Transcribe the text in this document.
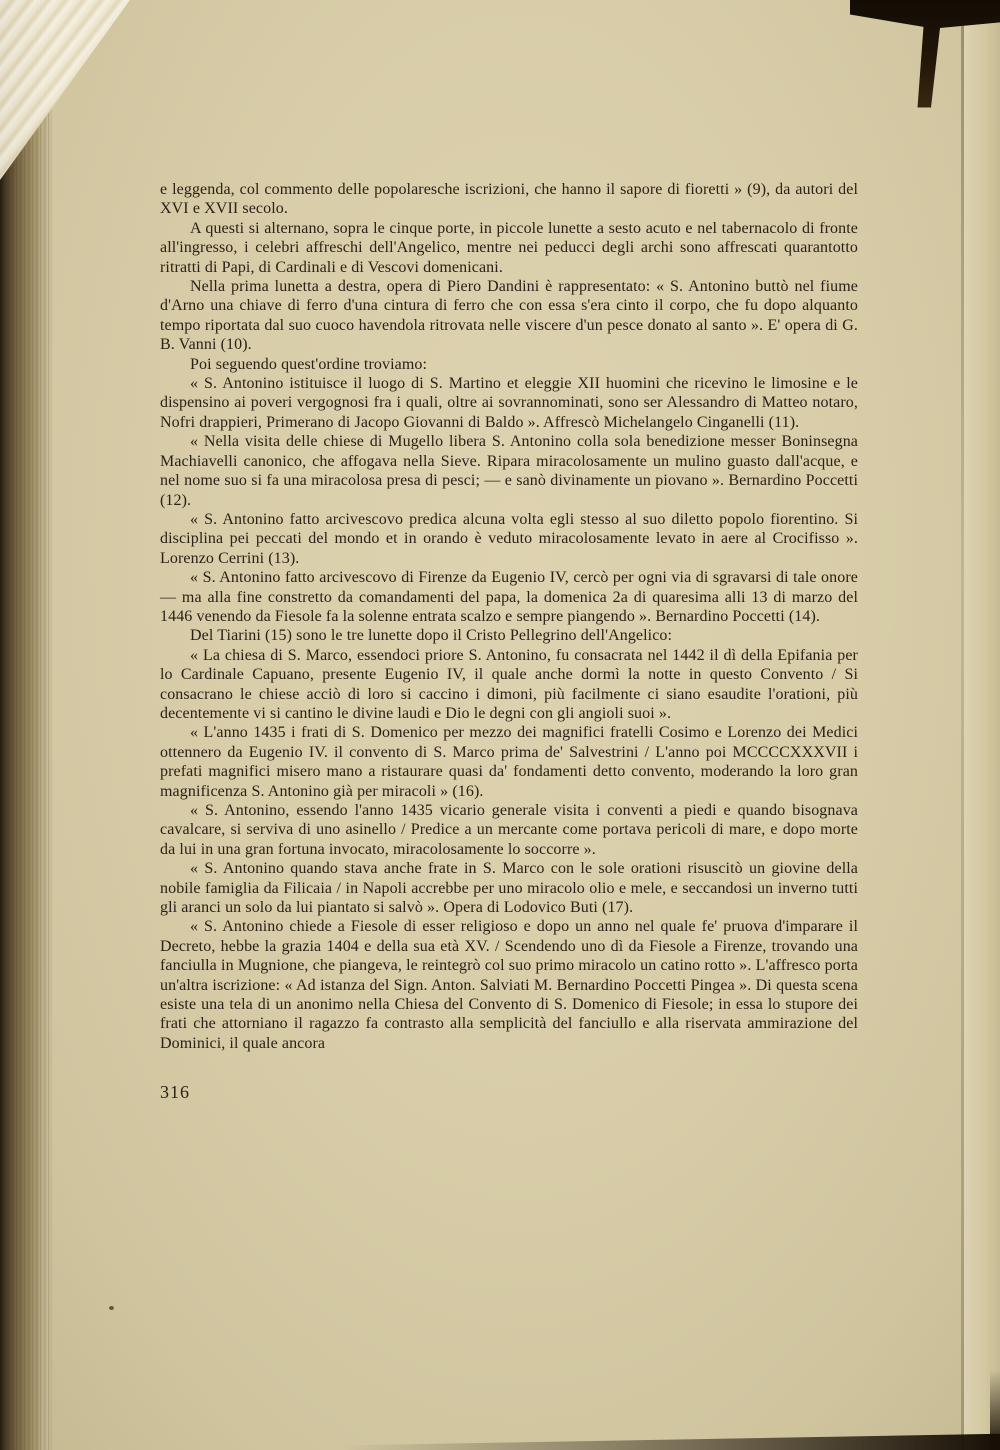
e leggenda, col commento delle popolaresche iscrizioni, che hanno il sapore di fioretti » (9), da autori del XVI e XVII secolo.

A questi si alternano, sopra le cinque porte, in piccole lunette a sesto acuto e nel tabernacolo di fronte all'ingresso, i celebri affreschi dell'Angelico, mentre nei peducci degli archi sono affrescati quarantotto ritratti di Papi, di Cardinali e di Vescovi domenicani.

Nella prima lunetta a destra, opera di Piero Dandini è rappresentato: « S. Antonino buttò nel fiume d'Arno una chiave di ferro d'una cintura di ferro che con essa s'era cinto il corpo, che fu dopo alquanto tempo riportata dal suo cuoco havendola ritrovata nelle viscere d'un pesce donato al santo ». E' opera di G. B. Vanni (10).

Poi seguendo quest'ordine troviamo:

« S. Antonino istituisce il luogo di S. Martino et eleggie XII huomini che ricevino le limosine e le dispensino ai poveri vergognosi fra i quali, oltre ai sovrannominati, sono ser Alessandro di Matteo notaro, Nofri drappieri, Primerano di Jacopo Giovanni di Baldo ». Affrescò Michelangelo Cinganelli (11).

« Nella visita delle chiese di Mugello libera S. Antonino colla sola benedizione messer Boninsegna Machiavelli canonico, che affogava nella Sieve. Ripara miracolosamente un mulino guasto dall'acque, e nel nome suo si fa una miracolosa presa di pesci; — e sanò divinamente un piovano ». Bernardino Poccetti (12).

« S. Antonino fatto arcivescovo predica alcuna volta egli stesso al suo diletto popolo fiorentino. Si disciplina pei peccati del mondo et in orando è veduto miracolosamente levato in aere al Crocifisso ». Lorenzo Cerrini (13).

« S. Antonino fatto arcivescovo di Firenze da Eugenio IV, cercò per ogni via di sgravarsi di tale onore — ma alla fine constretto da comandamenti del papa, la domenica 2a di quaresima alli 13 di marzo del 1446 venendo da Fiesole fa la solenne entrata scalzo e sempre piangendo ». Bernardino Poccetti (14).

Del Tiarini (15) sono le tre lunette dopo il Cristo Pellegrino dell'Angelico:

« La chiesa di S. Marco, essendoci priore S. Antonino, fu consacrata nel 1442 il dì della Epifania per lo Cardinale Capuano, presente Eugenio IV, il quale anche dormì la notte in questo Convento / Si consacrano le chiese acciò di loro si caccino i dimoni, più facilmente ci siano esaudite l'orationi, più decentemente vi si cantino le divine laudi e Dio le degni con gli angioli suoi ».

« L'anno 1435 i frati di S. Domenico per mezzo dei magnifici fratelli Cosimo e Lorenzo dei Medici ottennero da Eugenio IV. il convento di S. Marco prima de' Salvestrini / L'anno poi MCCCCXXXVII i prefati magnifici misero mano a ristaurare quasi da' fondamenti detto convento, moderando la loro gran magnificenza S. Antonino già per miracoli » (16).

« S. Antonino, essendo l'anno 1435 vicario generale visita i conventi a piedi e quando bisognava cavalcare, si serviva di uno asinello / Predice a un mercante come portava pericoli di mare, e dopo morte da lui in una gran fortuna invocato, miracolosamente lo soccorre ».

« S. Antonino quando stava anche frate in S. Marco con le sole orationi risuscitò un giovine della nobile famiglia da Filicaia / in Napoli accrebbe per uno miracolo olio e mele, e seccandosi un inverno tutti gli aranci un solo da lui piantato si salvò ». Opera di Lodovico Buti (17).

« S. Antonino chiede a Fiesole di esser religioso e dopo un anno nel quale fe' pruova d'imparare il Decreto, hebbe la grazia 1404 e della sua età XV. / Scendendo uno dì da Fiesole a Firenze, trovando una fanciulla in Mugnione, che piangeva, le reintegrò col suo primo miracolo un catino rotto ». L'affresco porta un'altra iscrizione: « Ad istanza del Sign. Anton. Salviati M. Bernardino Poccetti Pingea ». Di questa scena esiste una tela di un anonimo nella Chiesa del Convento di S. Domenico di Fiesole; in essa lo stupore dei frati che attorniano il ragazzo fa contrasto alla semplicità del fanciullo e alla riservata ammirazione del Dominici, il quale ancora

316
